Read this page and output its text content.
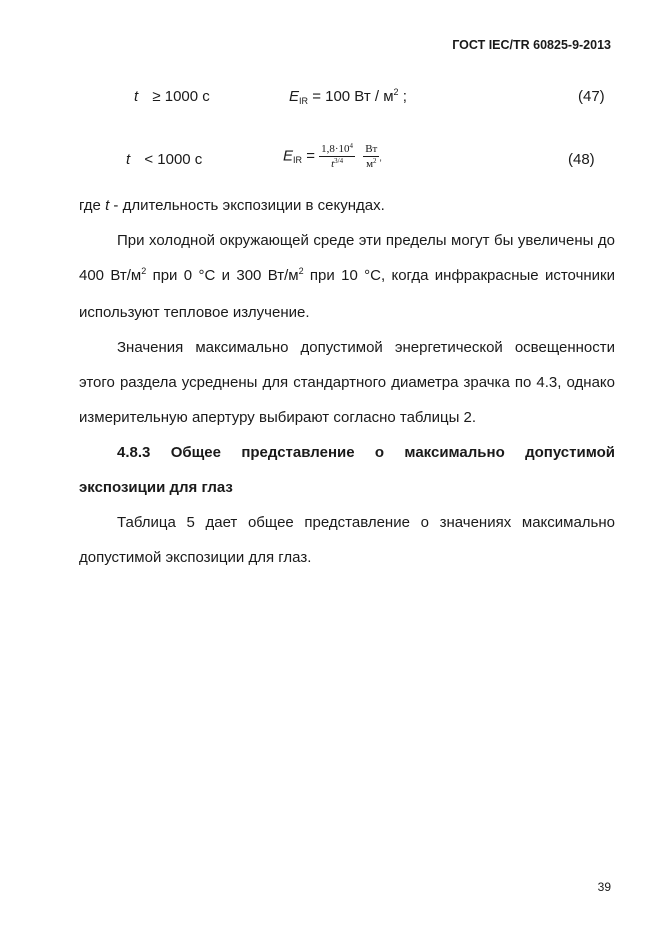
ГОСТ IEC/TR 60825-9-2013
t ≥ 1000 с	$E_{IR} = 100$ Вт / $м^2$ ;	(47)
t < 1000 с	$E_{IR} = \frac{1,8\cdot 10^4}{t^{3/4}}$
$\frac{Вт}{м^2}$ ,	(48)

где t - длительность экспозиции в секундах.

При холодной окружающей среде эти пределы могут бы увеличены до 400 $Вт/м^2$ при 0 °С и 300 $Вт/м^2$ при 10 °С, когда инфракрасные источники используют тепловое излучение.

Значения максимально допустимой энергетической освещенности этого раздела усреднены для стандартного диаметра зрачка по 4.3, однако измерительную апертуру выбирают согласно таблицы 2.

4.8.3 Общее представление о максимально допустимой экспозиции для глаз

Таблица 5 дает общее представление о значениях максимально допустимой экспозиции для глаз.

39
